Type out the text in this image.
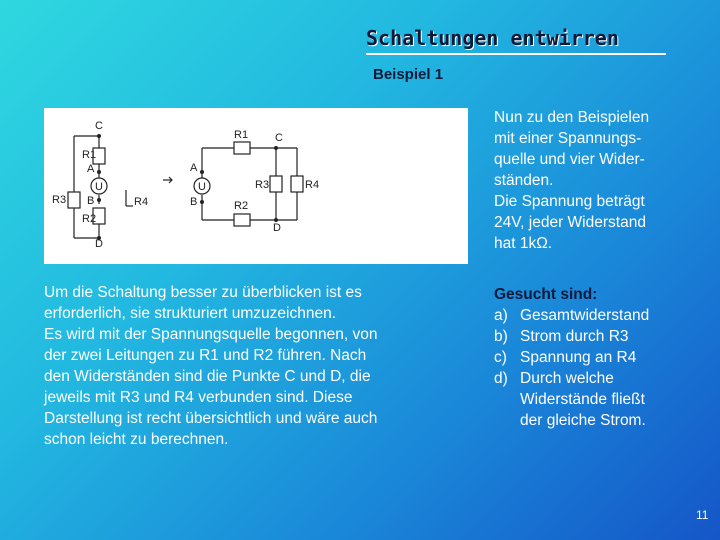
Schaltungen entwirren
Beispiel 1
C
R1
A
U
B
R3	R4
R2
D
R1 C
A
U
B
R3	R4
R2
D
Nun zu den Beispielen
mit einer Spannungs-
quelle und vier Wider-
ständen.
Die Spannung beträgt
24V, jeder Widerstand
hat 1kΩ.
Um die Schaltung besser zu überblicken ist es
erforderlich, sie strukturiert umzuzeichnen.
Es wird mit der Spannungsquelle begonnen, von
der zwei Leitungen zu R1 und R2 führen. Nach
den Widerständen sind die Punkte C und D, die
jeweils mit R3 und R4 verbunden sind. Diese
Darstellung ist recht übersichtlich und wäre auch
schon leicht zu berechnen.
Gesucht sind:
a) Gesamtwiderstand
b) Strom durch R3
c) Spannung an R4
d) Durch welche
Widerstände fließt
der gleiche Strom.
11
